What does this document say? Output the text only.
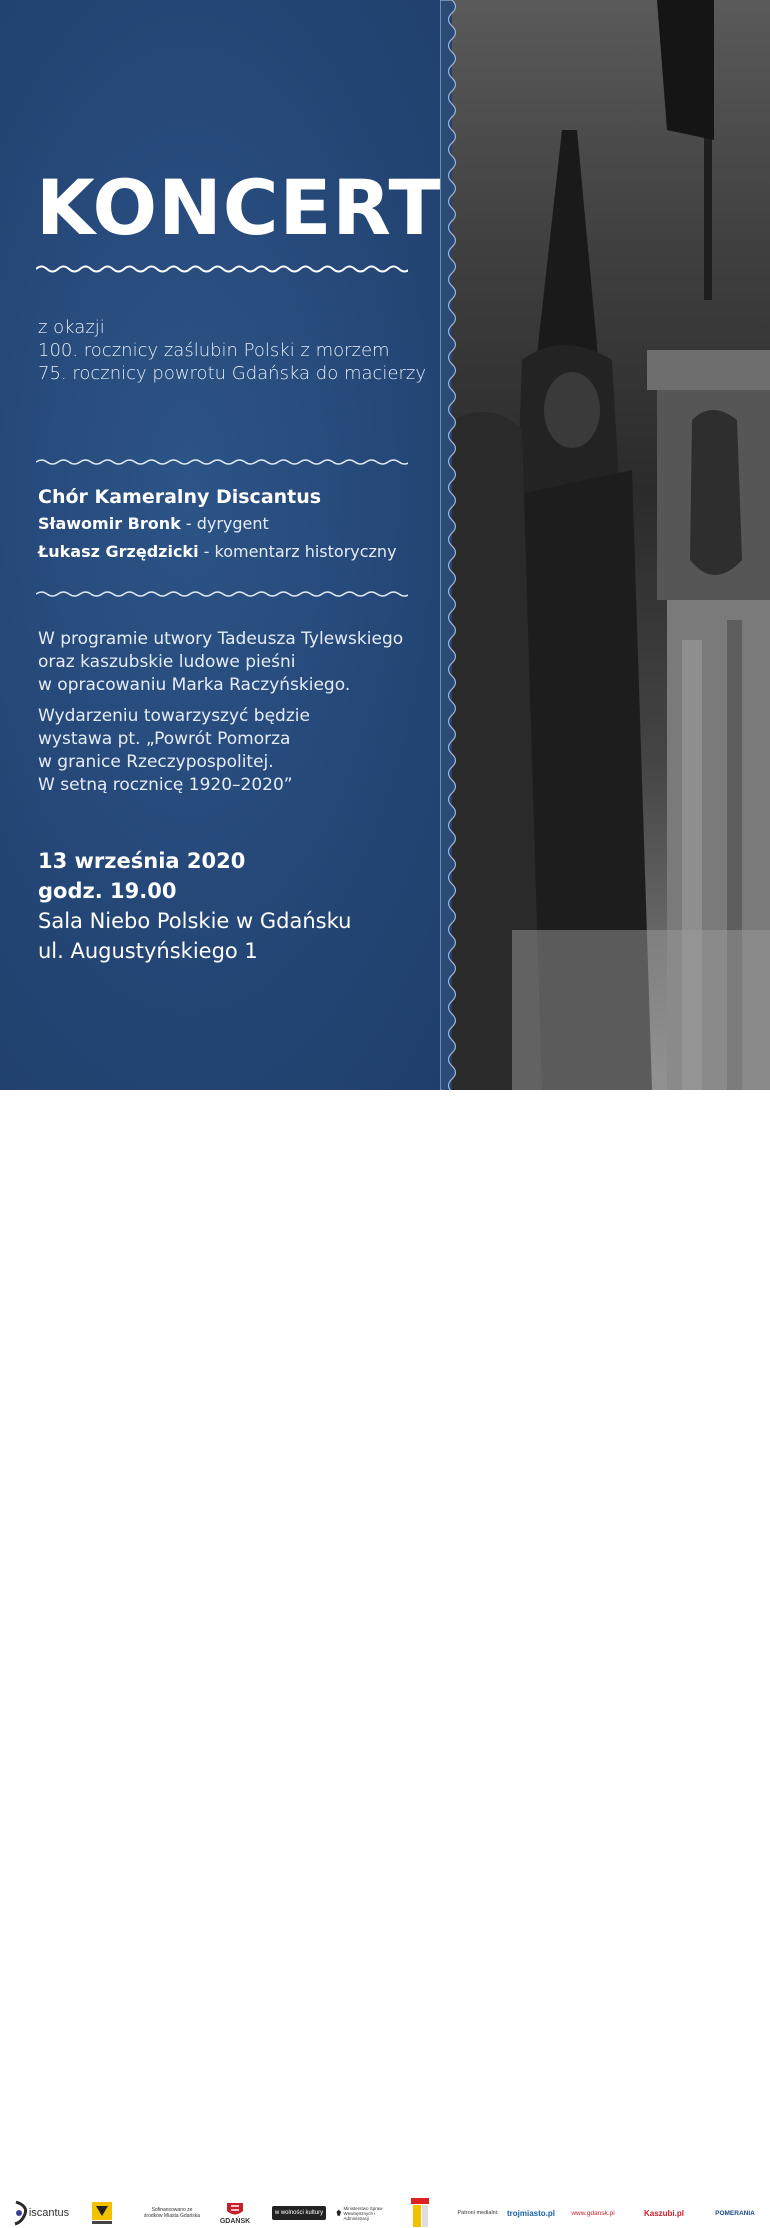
KONCERT
z okazji
100. rocznicy zaślubin Polski z morzem
75. rocznicy powrotu Gdańska do macierzy
Chór Kameralny Discantus
Sławomir Bronk - dyrygent
Łukasz Grzędzicki - komentarz historyczny

W programie utwory Tadeusza Tylewskiego
oraz kaszubskie ludowe pieśni
w opracowaniu Marka Raczyńskiego.

Wydarzeniu towarzyszyć będzie
wystawa pt. „Powrót Pomorza
w granice Rzeczypospolitej.
W setną rocznicę 1920–2020”

13 września 2020
godz. 19.00
Sala Niebo Polskie w Gdańsku
ul. Augustyńskiego 1
iscantus	Sofinansowano ze środków Miasta Gdańska
GDAŃSK
w wolności kultury
Ministerstwo Spraw Wewnętrznych i Administracji
Patroni medialni: trojmiasto.pl	www.gdansk.pl	Kaszubi.pl	POMERANIA
